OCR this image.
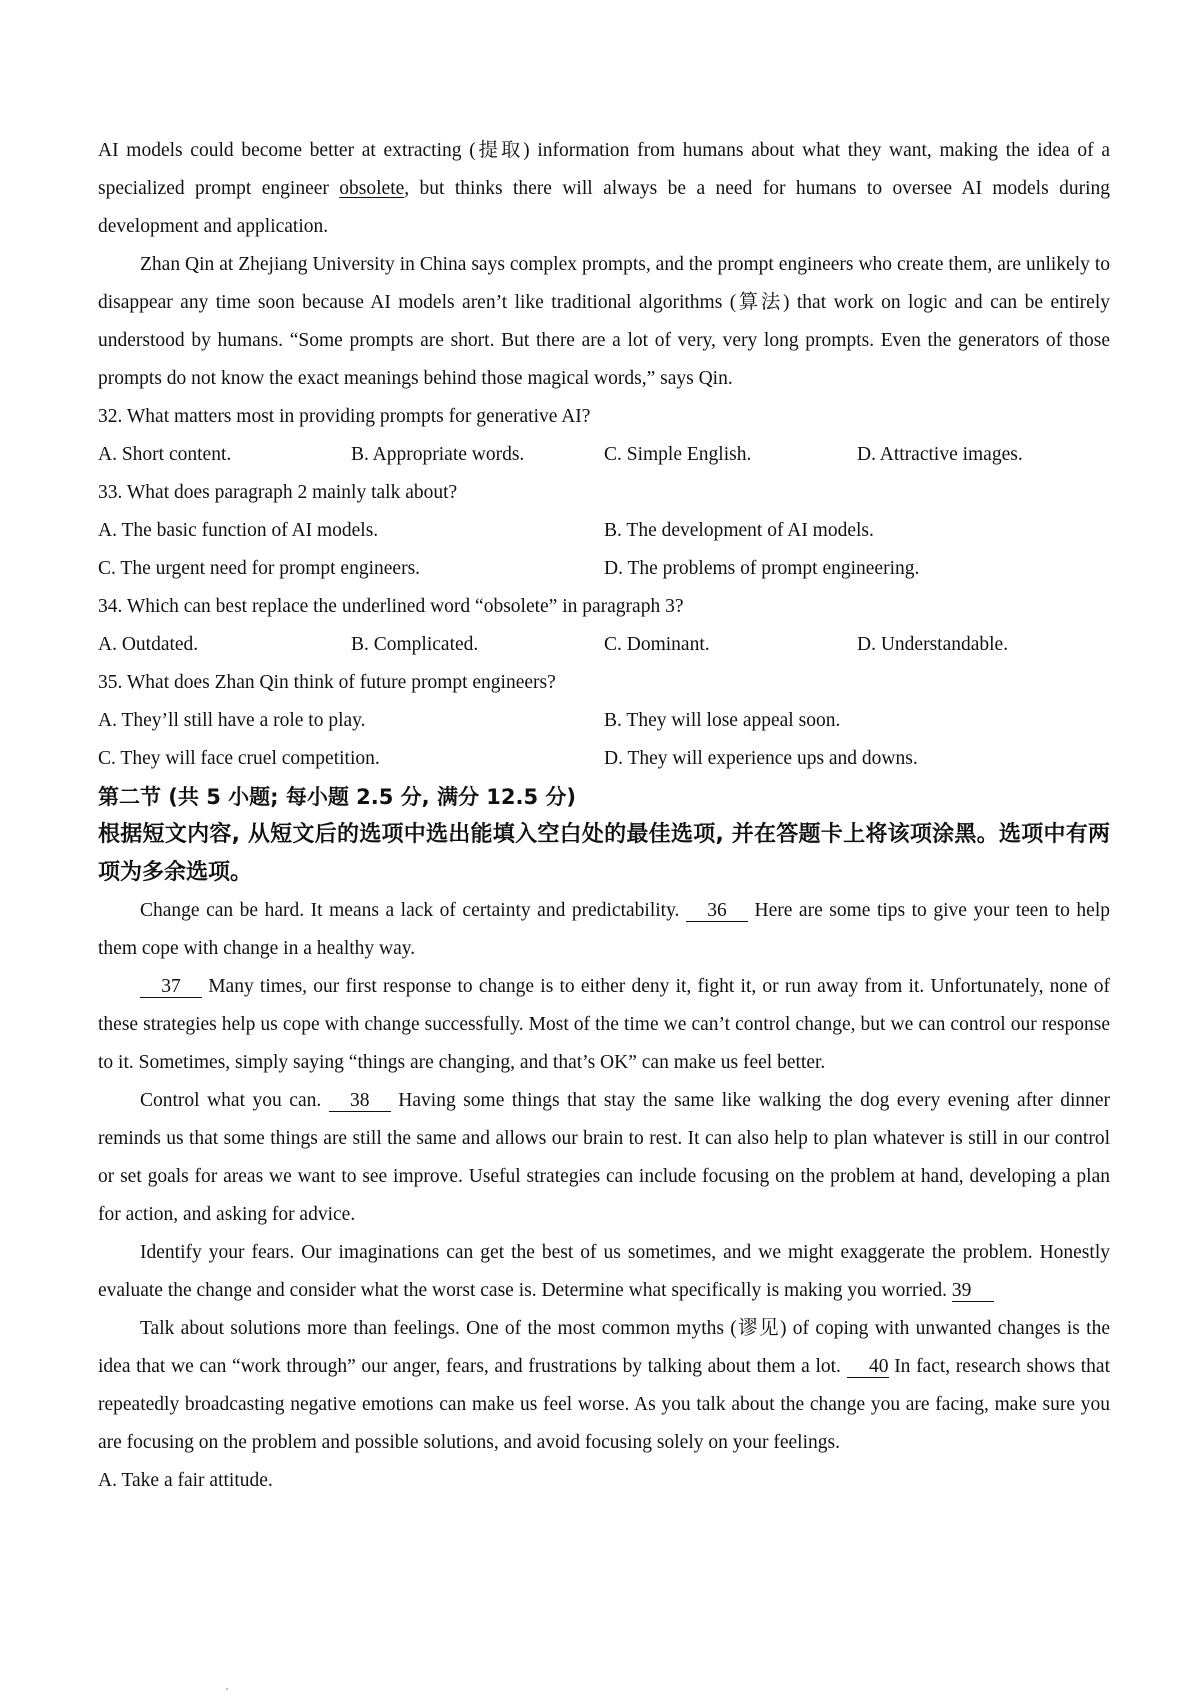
AI models could become better at extracting (提取) information from humans about what they want, making the idea of a specialized prompt engineer obsolete, but thinks there will always be a need for humans to oversee AI models during development and application.

Zhan Qin at Zhejiang University in China says complex prompts, and the prompt engineers who create them, are unlikely to disappear any time soon because AI models aren’t like traditional algorithms (算法) that work on logic and can be entirely understood by humans. “Some prompts are short. But there are a lot of very, very long prompts. Even the generators of those prompts do not know the exact meanings behind those magical words,” says Qin.

32. What matters most in providing prompts for generative AI?

A. Short content.	B. Appropriate words.	C. Simple English.	D. Attractive images.

33. What does paragraph 2 mainly talk about?

A. The basic function of AI models.	B. The development of AI models.
C. The urgent need for prompt engineers.	D. The problems of prompt engineering.

34. Which can best replace the underlined word “obsolete” in paragraph 3?

A. Outdated.	B. Complicated.	C. Dominant.	D. Understandable.

35. What does Zhan Qin think of future prompt engineers?

A. They’ll still have a role to play.	B. They will lose appeal soon.
C. They will face cruel competition.	D. They will experience ups and downs.

第二节 (共 5 小题; 每小题 2.5 分, 满分 12.5 分)

根据短文内容, 从短文后的选项中选出能填入空白处的最佳选项, 并在答题卡上将该项涂黑。选项中有两项为多余选项。

Change can be hard. It means a lack of certainty and predictability. 36 Here are some tips to give your teen to help them cope with change in a healthy way.

37 Many times, our first response to change is to either deny it, fight it, or run away from it. Unfortunately, none of these strategies help us cope with change successfully. Most of the time we can’t control change, but we can control our response to it. Sometimes, simply saying “things are changing, and that’s OK” can make us feel better.

Control what you can. 38 Having some things that stay the same like walking the dog every evening after dinner reminds us that some things are still the same and allows our brain to rest. It can also help to plan whatever is still in our control or set goals for areas we want to see improve. Useful strategies can include focusing on the problem at hand, developing a plan for action, and asking for advice.

Identify your fears. Our imaginations can get the best of us sometimes, and we might exaggerate the problem. Honestly evaluate the change and consider what the worst case is. Determine what specifically is making you worried. 39

Talk about solutions more than feelings. One of the most common myths (谬见) of coping with unwanted changes is the idea that we can “work through” our anger, fears, and frustrations by talking about them a lot. 40 In fact, research shows that repeatedly broadcasting negative emotions can make us feel worse. As you talk about the change you are facing, make sure you are focusing on the problem and possible solutions, and avoid focusing solely on your feelings.

A. Take a fair attitude.
